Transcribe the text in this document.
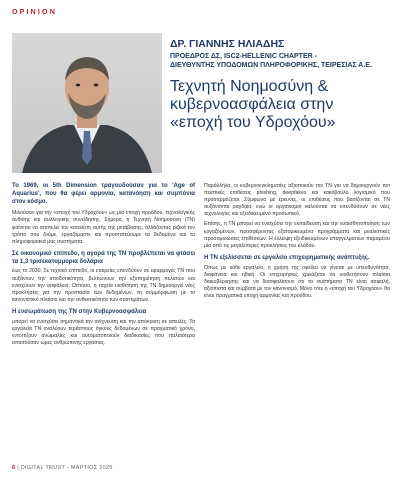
OPINION
ΔΡ. ΓΙΑΝΝΗΣ ΗΛΙΑΔΗΣ
ΠΡΟΕΔΡΟΣ ΔΣ, ISC2-HELLENIC CHAPTER -
ΔΙΕΥΘΥΝΤΗΣ ΥΠΟΔΟΜΩΝ ΠΛΗΡΟΦΟΡΙΚΗΣ, ΤΕΙΡΕΣΙΑΣ Α.Ε.
Τεχνητή Νοημοσύνη &
κυβερνοασφάλεια στην
«εποχή του Υδροχόου»

Το 1969, οι 5th Dimension τραγουδούσαν για το 'Age of Aquarius', που θα φέρει αρμονία, κατανόηση και συμπόνια στον κόσμο.

Μιλούσαν για την «εποχή του Υδροχόου» ως μια εποχή προόδου, τεχνολογικής άνθισης και συλλογικής συνείδησης. Σήμερα, η Τεχνητή Νοημοσύνη (ΤΝ) φαίνεται να αποτελεί τον καταλύτη αυτής της μετάβασης, αλλάζοντας ριζικά τον τρόπο που ζούμε, εργαζόμαστε και προστατεύουμε τα δεδομένα και τα πληροφοριακά μας συστήματα.

Σε οικονομικό επίπεδο, η αγορά της ΤΝ προβλέπεται να φτάσει τα 1,3 τρισεκατομμύρια δολάρια

έως το 2030. Σε τεχνικό επίπεδο, οι εταιρείες επενδύουν σε εφαρμογές ΤΝ που αυξάνουν την αποδοτικότητα, βελτιώνουν την εξυπηρέτηση πελατών και ενισχύουν την ασφάλεια. Ωστόσο, η ταχεία υιοθέτηση της ΤΝ δημιουργεί νέες προκλήσεις για την προστασία των δεδομένων, τη συμμόρφωση με το κανονιστικό πλαίσιο και την ανθεκτικότητα των συστημάτων.

Η ενσωμάτωση της ΤΝ στην Κυβερνοασφάλεια

μπορεί να ενισχύσει σημαντικά την ανίχνευση και την απόκριση σε απειλές. Τα εργαλεία ΤΝ αναλύουν τεράστιους όγκους δεδομένων σε πραγματικό χρόνο, εντοπίζουν ανωμαλίες και αυτοματοποιούν διαδικασίες που παλαιότερα απαιτούσαν ώρες ανθρώπινης εργασίας.

Παράλληλα, οι κυβερνοεγκληματίες αξιοποιούν την ΤΝ για να δημιουργούν πιο πειστικές επιθέσεις phishing, deepfakes και κακόβουλο λογισμικό που προσαρμόζεται. Σύμφωνα με έρευνες, οι επιθέσεις που βασίζονται σε ΤΝ αυξάνονται ραγδαία, ενώ οι οργανισμοί καλούνται να επενδύσουν σε νέες τεχνολογίες και εξειδικευμένο προσωπικό.

Επίσης, η ΤΝ μπορεί να ενισχύσει την εκπαίδευση και την ευαισθητοποίηση των εργαζομένων, προσφέροντας εξατομικευμένα προγράμματα και ρεαλιστικές προσομοιώσεις επιθέσεων. Η έλλειψη εξειδικευμένων επαγγελματιών παραμένει μία από τις μεγαλύτερες προκλήσεις του κλάδου.

Η ΤΝ εξελίσσεται σε εργαλείο επιχειρηματικής ανάπτυξης.

Όπως με κάθε εργαλείο, η χρήση της οφείλει να γίνεται με υπευθυνότητα, διαφάνεια και ηθική. Οι επιχειρήσεις χρειάζεται να υιοθετήσουν πλαίσια διακυβέρνησης και να διασφαλίσουν ότι τα συστήματα ΤΝ είναι ασφαλή, αξιόπιστα και συμβατά με τον κανονισμό. Μόνο τότε η «εποχή του Υδροχόου» θα είναι πραγματικά εποχή αρμονίας και προόδου.

6 | DIGITAL TRUST - ΜΑΡΤΙΟΣ 2025
